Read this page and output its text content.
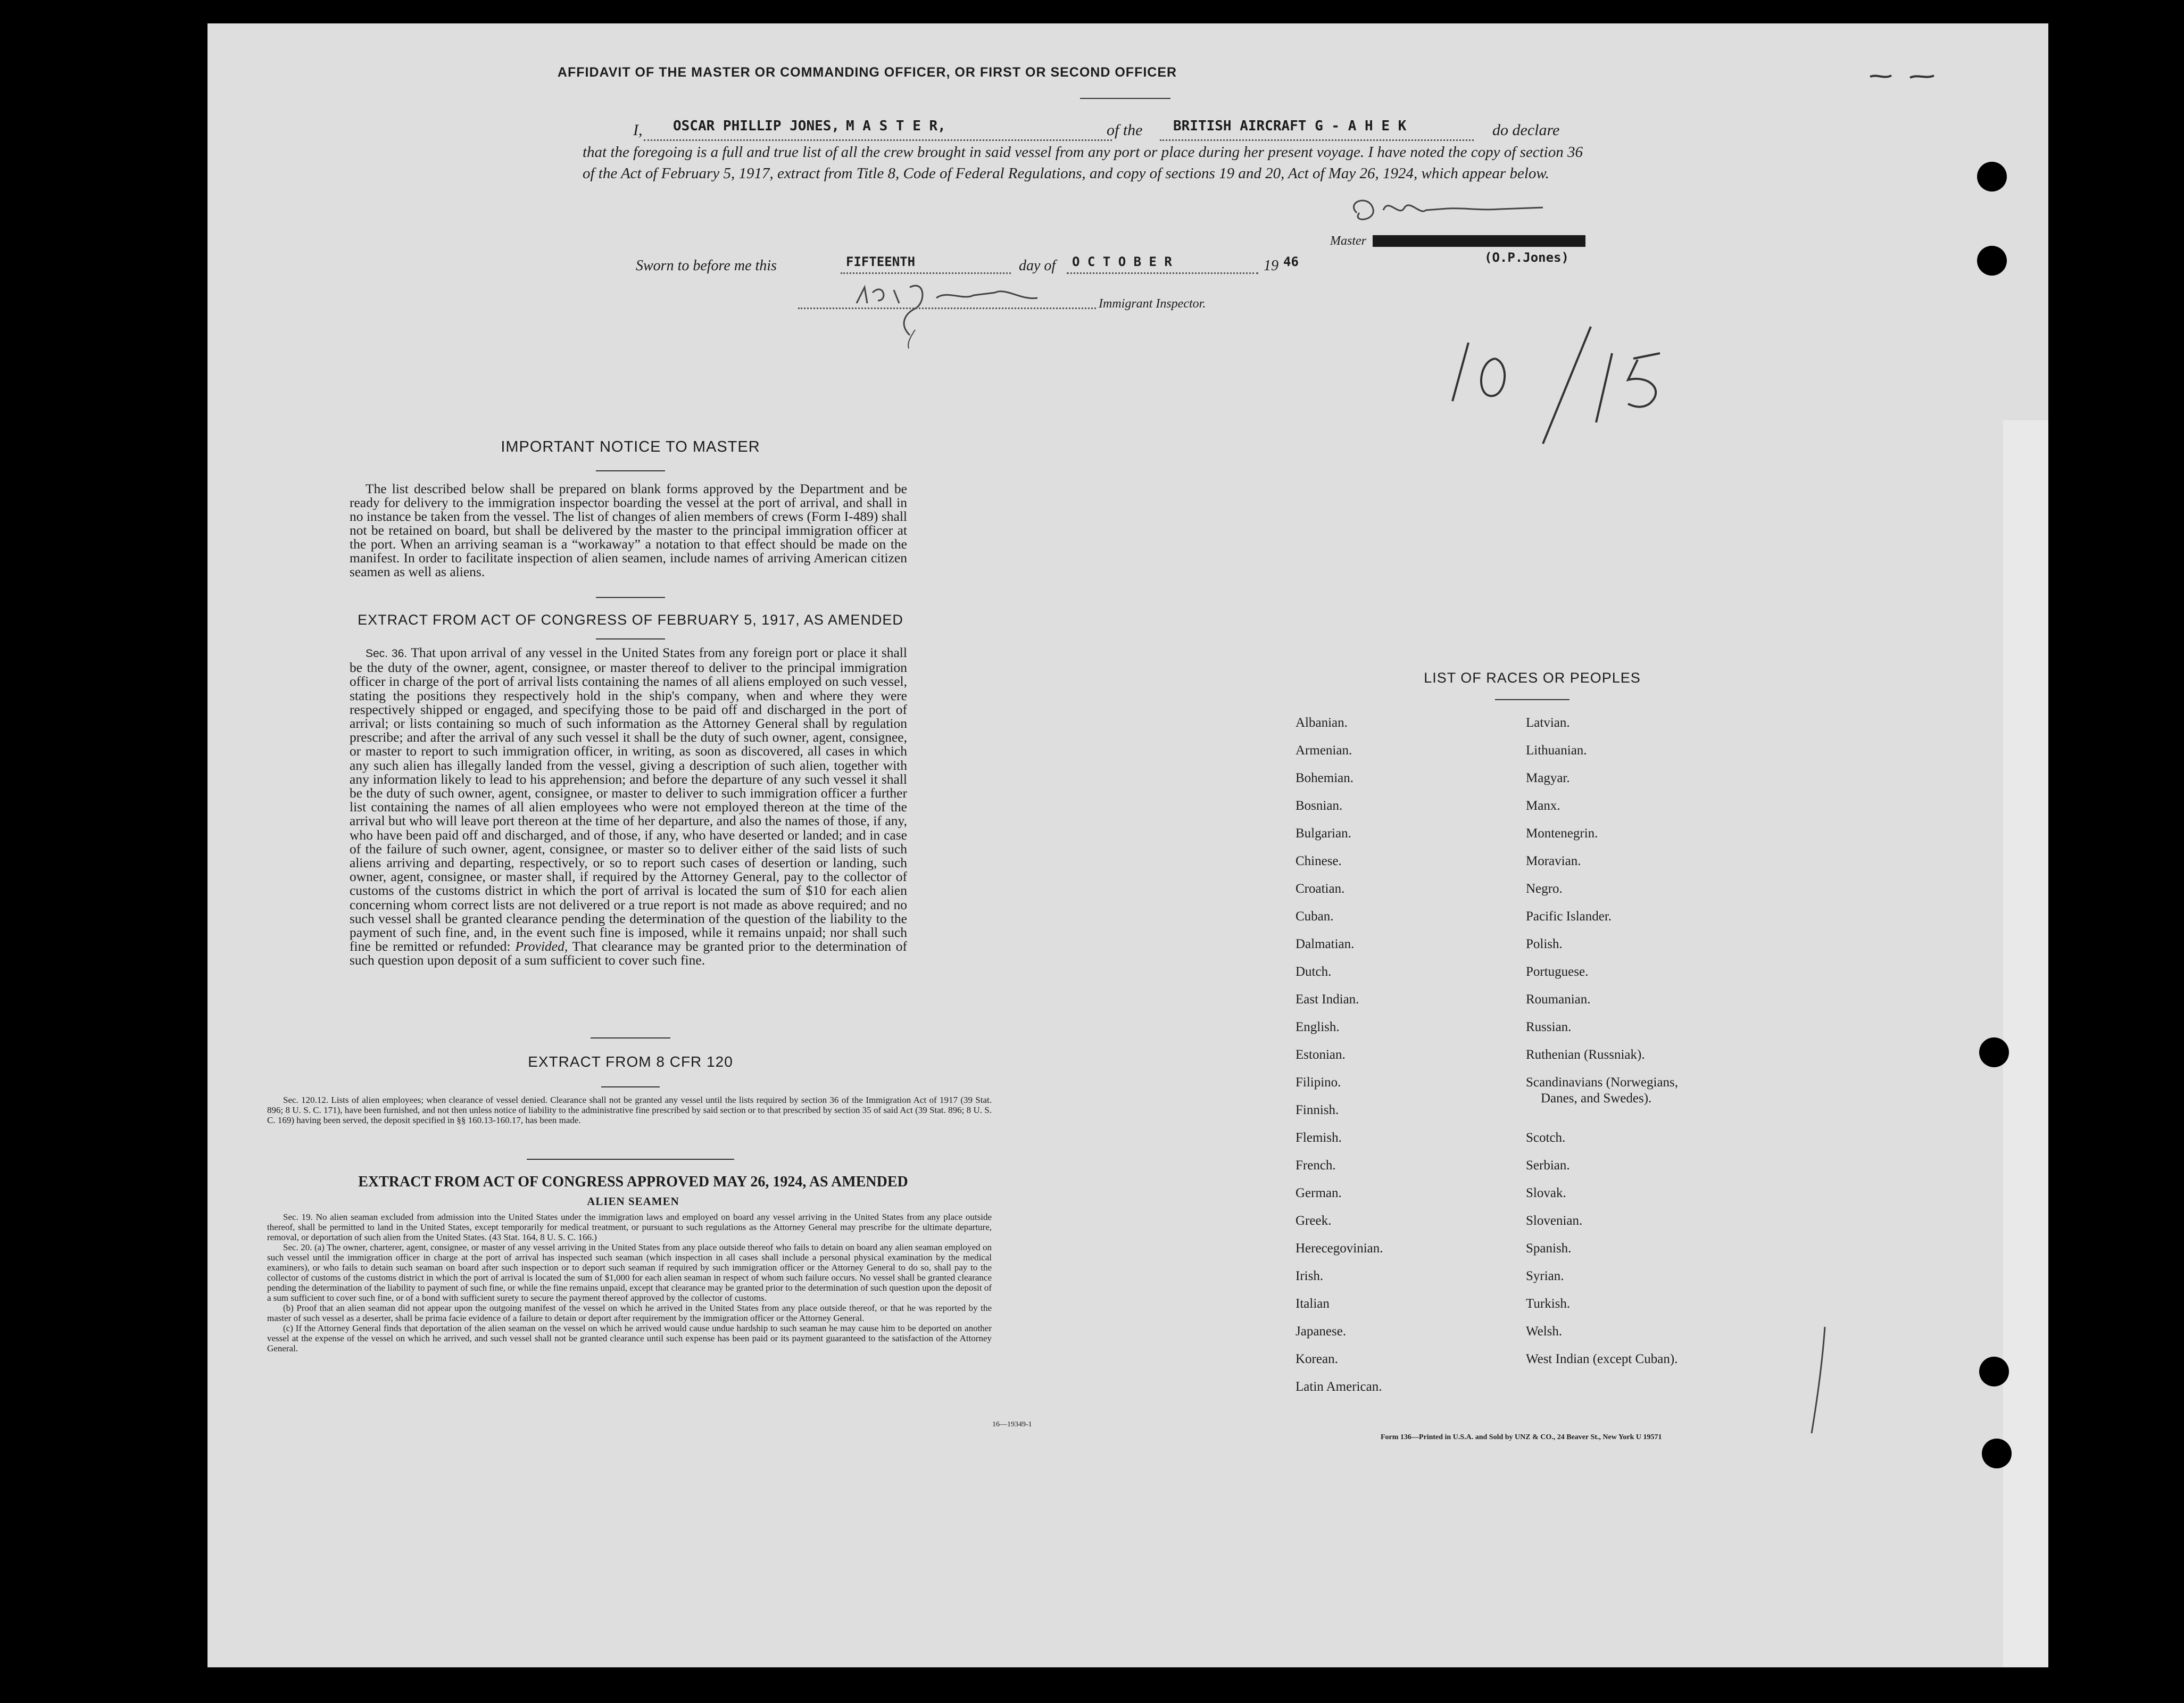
AFFIDAVIT OF THE MASTER OR COMMANDING OFFICER, OR FIRST OR SECOND OFFICER
I, OSCAR PHILLIP JONES, M A S T E R,	of the BRITISH AIRCRAFT G - A H E K	do declare
that the foregoing is a full and true list of all the crew brought in said vessel from any port or place during her present voyage. I have noted the copy of section 36 of the Act of February 5, 1917, extract from Title 8, Code of Federal Regulations, and copy of sections 19 and 20, Act of May 26, 1924, which appear below.
Master
(O.P.Jones)
Sworn to before me this	FIFTEENTH	day of O C T O B E R	19 46
Immigrant Inspector.
IMPORTANT NOTICE TO MASTER
The list described below shall be prepared on blank forms approved by the Department and be ready for delivery to the immigration inspector boarding the vessel at the port of arrival, and shall in no instance be taken from the vessel. The list of changes of alien members of crews (Form I-489) shall not be retained on board, but shall be delivered by the master to the principal immigration officer at the port. When an arriving seaman is a “workaway” a notation to that effect should be made on the manifest. In order to facilitate inspection of alien seamen, include names of arriving American citizen seamen as well as aliens.
EXTRACT FROM ACT OF CONGRESS OF FEBRUARY 5, 1917, AS AMENDED
Sec. 36. That upon arrival of any vessel in the United States from any foreign port or place it shall be the duty of the owner, agent, consignee, or master thereof to deliver to the principal immigration officer in charge of the port of arrival lists containing the names of all aliens employed on such vessel, stating the positions they respectively hold in the ship's company, when and where they were respectively shipped or engaged, and specifying those to be paid off and discharged in the port of arrival; or lists containing so much of such information as the Attorney General shall by regulation prescribe; and after the arrival of any such vessel it shall be the duty of such owner, agent, consignee, or master to report to such immigration officer, in writing, as soon as discovered, all cases in which any such alien has illegally landed from the vessel, giving a description of such alien, together with any information likely to lead to his apprehension; and before the departure of any such vessel it shall be the duty of such owner, agent, consignee, or master to deliver to such immigration officer a further list containing the names of all alien employees who were not employed thereon at the time of the arrival but who will leave port thereon at the time of her departure, and also the names of those, if any, who have been paid off and discharged, and of those, if any, who have deserted or landed; and in case of the failure of such owner, agent, consignee, or master so to deliver either of the said lists of such aliens arriving and departing, respectively, or so to report such cases of desertion or landing, such owner, agent, consignee, or master shall, if required by the Attorney General, pay to the collector of customs of the customs district in which the port of arrival is located the sum of $10 for each alien concerning whom correct lists are not delivered or a true report is not made as above required; and no such vessel shall be granted clearance pending the determination of the question of the liability to the payment of such fine, and, in the event such fine is imposed, while it remains unpaid; nor shall such fine be remitted or refunded: Provided, That clearance may be granted prior to the determination of such question upon deposit of a sum sufficient to cover such fine.
EXTRACT FROM 8 CFR 120
Sec. 120.12. Lists of alien employees; when clearance of vessel denied. Clearance shall not be granted any vessel until the lists required by section 36 of the Immigration Act of 1917 (39 Stat. 896; 8 U. S. C. 171), have been furnished, and not then unless notice of liability to the administrative fine prescribed by said section or to that prescribed by section 35 of said Act (39 Stat. 896; 8 U. S. C. 169) having been served, the deposit specified in §§ 160.13-160.17, has been made.
EXTRACT FROM ACT OF CONGRESS APPROVED MAY 26, 1924, AS AMENDED
ALIEN SEAMEN
Sec. 19. No alien seaman excluded from admission into the United States under the immigration laws and employed on board any vessel arriving in the United States from any place outside thereof, shall be permitted to land in the United States, except temporarily for medical treatment, or pursuant to such regulations as the Attorney General may prescribe for the ultimate departure, removal, or deportation of such alien from the United States. (43 Stat. 164, 8 U. S. C. 166.)
Sec. 20. (a) The owner, charterer, agent, consignee, or master of any vessel arriving in the United States from any place outside thereof who fails to detain on board any alien seaman employed on such vessel until the immigration officer in charge at the port of arrival has inspected such seaman (which inspection in all cases shall include a personal physical examination by the medical examiners), or who fails to detain such seaman on board after such inspection or to deport such seaman if required by such immigration officer or the Attorney General to do so, shall pay to the collector of customs of the customs district in which the port of arrival is located the sum of $1,000 for each alien seaman in respect of whom such failure occurs. No vessel shall be granted clearance pending the determination of the liability to payment of such fine, or while the fine remains unpaid, except that clearance may be granted prior to the determination of such question upon the deposit of a sum sufficient to cover such fine, or of a bond with sufficient surety to secure the payment thereof approved by the collector of customs.
(b) Proof that an alien seaman did not appear upon the outgoing manifest of the vessel on which he arrived in the United States from any place outside thereof, or that he was reported by the master of such vessel as a deserter, shall be prima facie evidence of a failure to detain or deport after requirement by the immigration officer or the Attorney General.
(c) If the Attorney General finds that deportation of the alien seaman on the vessel on which he arrived would cause undue hardship to such seaman he may cause him to be deported on another vessel at the expense of the vessel on which he arrived, and such vessel shall not be granted clearance until such expense has been paid or its payment guaranteed to the satisfaction of the Attorney General.
16—19349-1
LIST OF RACES OR PEOPLES
Albanian.
Armenian.
Bohemian.
Bosnian.
Bulgarian.
Chinese.
Croatian.
Cuban.
Dalmatian.
Dutch.
East Indian.
English.
Estonian.
Filipino.
Finnish.
Flemish.
French.
German.
Greek.
Herecegovinian.
Irish.
Italian
Japanese.
Korean.
Latin American.
Latvian.
Lithuanian.
Magyar.
Manx.
Montenegrin.
Moravian.
Negro.
Pacific Islander.
Polish.
Portuguese.
Roumanian.
Russian.
Ruthenian (Russniak).
Scandinavians (Norwegians,
Danes, and Swedes).
Scotch.
Serbian.
Slovak.
Slovenian.
Spanish.
Syrian.
Turkish.
Welsh.
West Indian (except Cuban).
Form 136—Printed in U.S.A. and Sold by UNZ & CO., 24 Beaver St., New York U 19571
